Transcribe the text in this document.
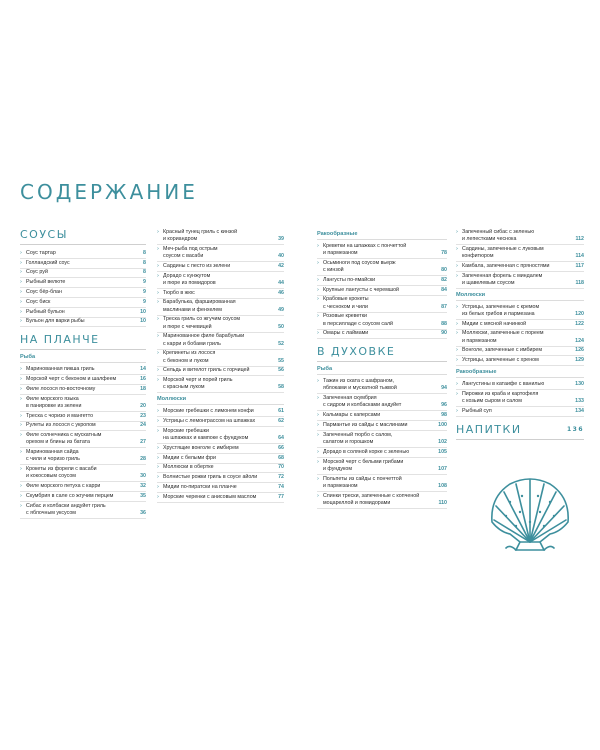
СОДЕРЖАНИЕ
СОУСЫ
› Соус тартар	8
› Голландский соус	8
› Соус руй	8
› Рыбный велюте	9
› Соус бёр-блан	9
› Соус биск	9
› Рыбный бульон	10
› Бульон для варки рыбы	10
НА ПЛАНЧЕ
Рыба
› Маринованная пикша гриль	14
› Морской черт с беконом и шалфеем	16
› Филе лосося по-восточному	18
› Филе морского языка
в панировке из зелени	20
› Треска с чоризо и мангетто	23
› Рулеты из лосося с укропом	24
› Филе солнечника с мускатным
орехом и блины из батата	27
› Маринованная сайда
с чили и чоризо гриль	28
› Крокеты из форели с васаби
и кокосовым соусом	30
› Филе морского петуха с карри	32
› Скумбрия в сале со жгучим перцем	35
› Сибас и колбаски андуйет гриль
с яблочным уксусом	36
› Красный тунец гриль с кинзой
и кориандром	39
› Меч-рыба под острым
соусом с васаби	40
› Сардины с песто из зелени	42
› Дорадо с кунжутом
и пюре из помидоров	44
› Тюрбо в жюс	46
› Барабулька, фаршированная
маслинами и фенхелем	49
› Треска гриль со жгучим соусом
и пюре с чечевицей	50
› Маринованное филе барабульки
с карри и бобами гриль	52
› Крепинеты из лосося
с беконом и луком	55
› Сельдь и вителот гриль с горчицей	56
› Морской черт и порей гриль
с красным луком	58
Моллюски
› Морские гребешки с лимонем конфи	61
› Устрицы с лемонграссом на шпажках	62
› Морские гребешки
на шпажках и кампоке с фундуком	64
› Хрустящие вонголе с имбирем	66
› Мидии с белыми фри	68
› Моллюски в обертке	70
› Волнистые рожки гриль в соусе айоли	72
› Мидии по-пиратски на планче	74
› Морские черенки с анисовым маслом	77
Ракообразные
› Креветки на шпажках с пончеттой
и пармезаном	78
› Осьминоги под соусом вьерж
с кинзой	80
› Лангусты по-ямайски	82
› Крупные лангусты с черемшой	84
› Крабовые крокеты
с чесноком и чили	87
› Розовые креветки
в персилладе с соусом салй	88
› Омары с лаймами	90
В ДУХОВКЕ
Рыба
› Тажин из ската с шафраном,
яблоками и мускатной тыквой	94
› Запеченная скумбрия
с сидром и колбасками андуйет	96
› Кальмары с каперсами	98
› Пармантье из сайды с маслинами	100
› Запеченный тюрбо с салом,
салатом и горошком	102
› Дорадо в соляной корке с зеленью	105
› Морской черт с белыми грибами
и фундуком	107
› Польпеты из сайды с пончеттой
и пармезаном	108
› Спинки трески, запеченные с копченой
моцареллой и помидорами	110
› Запеченный сибас с зеленью
и лепестками чеснока	112
› Сардины, запеченные с луковым
конфитюром	114
› Камбала, запеченная с пряностями	117
› Запеченная форель с миндалем
и щавелевым соусом	118
Моллюски
› Устрицы, запеченные с кремом
из белых грибов и пармезана	120
› Мидии с мясной начинкой	122
› Моллюски, запеченные с пореем
и пармезаном	124
› Вонголе, запеченные с имбирем	126
› Устрицы, запеченные с хреном	129
Ракообразные
› Лангустины в катаифе с ванилью	130
› Пирожки из краба и картофеля
с козьим сыром и салом	133
› Рыбный суп	134
НАПИТКИ	136
